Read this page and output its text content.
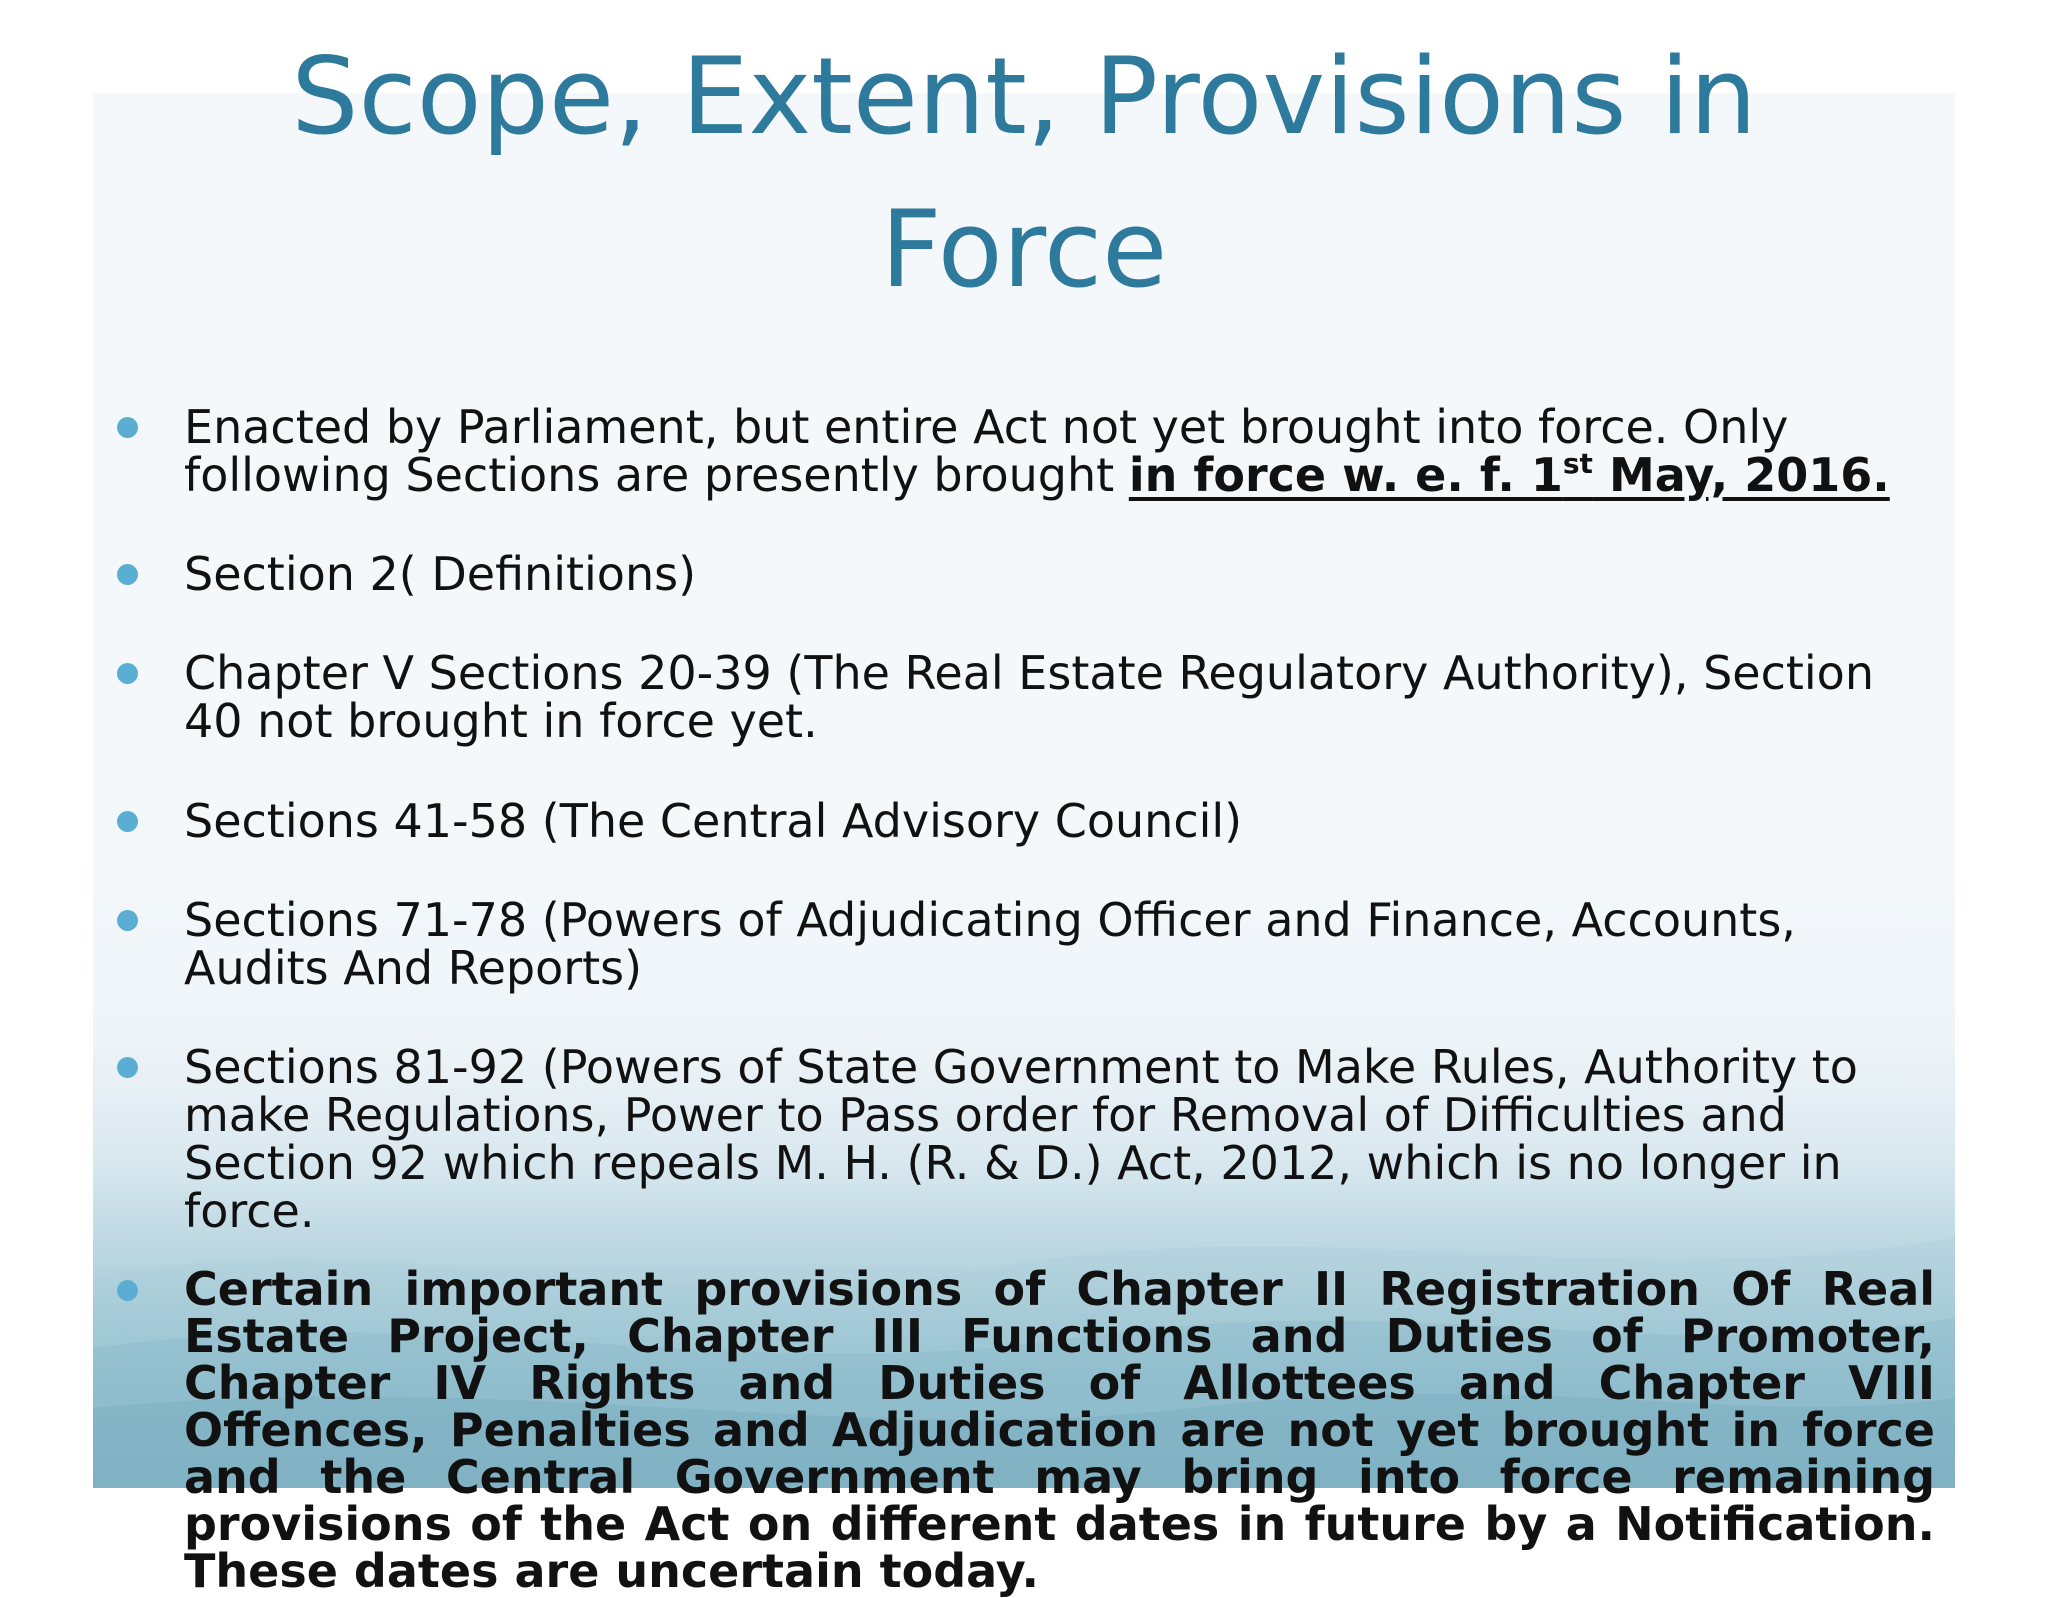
Scope, Extent, Provisions in
Force
Enacted by Parliament, but entire Act not yet brought into force. Only following Sections are presently brought in force w. e. f. 1st May, 2016.
Section 2( Definitions)
Chapter V Sections 20-39 (The Real Estate Regulatory Authority), Section 40 not brought in force yet.
Sections 41-58 (The Central Advisory Council)
Sections 71-78 (Powers of Adjudicating Officer and Finance, Accounts, Audits And Reports)
Sections 81-92 (Powers of State Government to Make Rules, Authority to make Regulations, Power to Pass order for Removal of Difficulties and Section 92 which repeals M. H. (R. & D.) Act, 2012, which is no longer in force.
Certain important provisions of Chapter II Registration Of Real Estate Project, Chapter III Functions and Duties of Promoter, Chapter IV Rights and Duties of Allottees and Chapter VIII Offences, Penalties and Adjudication are not yet brought in force and the Central Government may bring into force remaining provisions of the Act on different dates in future by a Notification. These dates are uncertain today.
